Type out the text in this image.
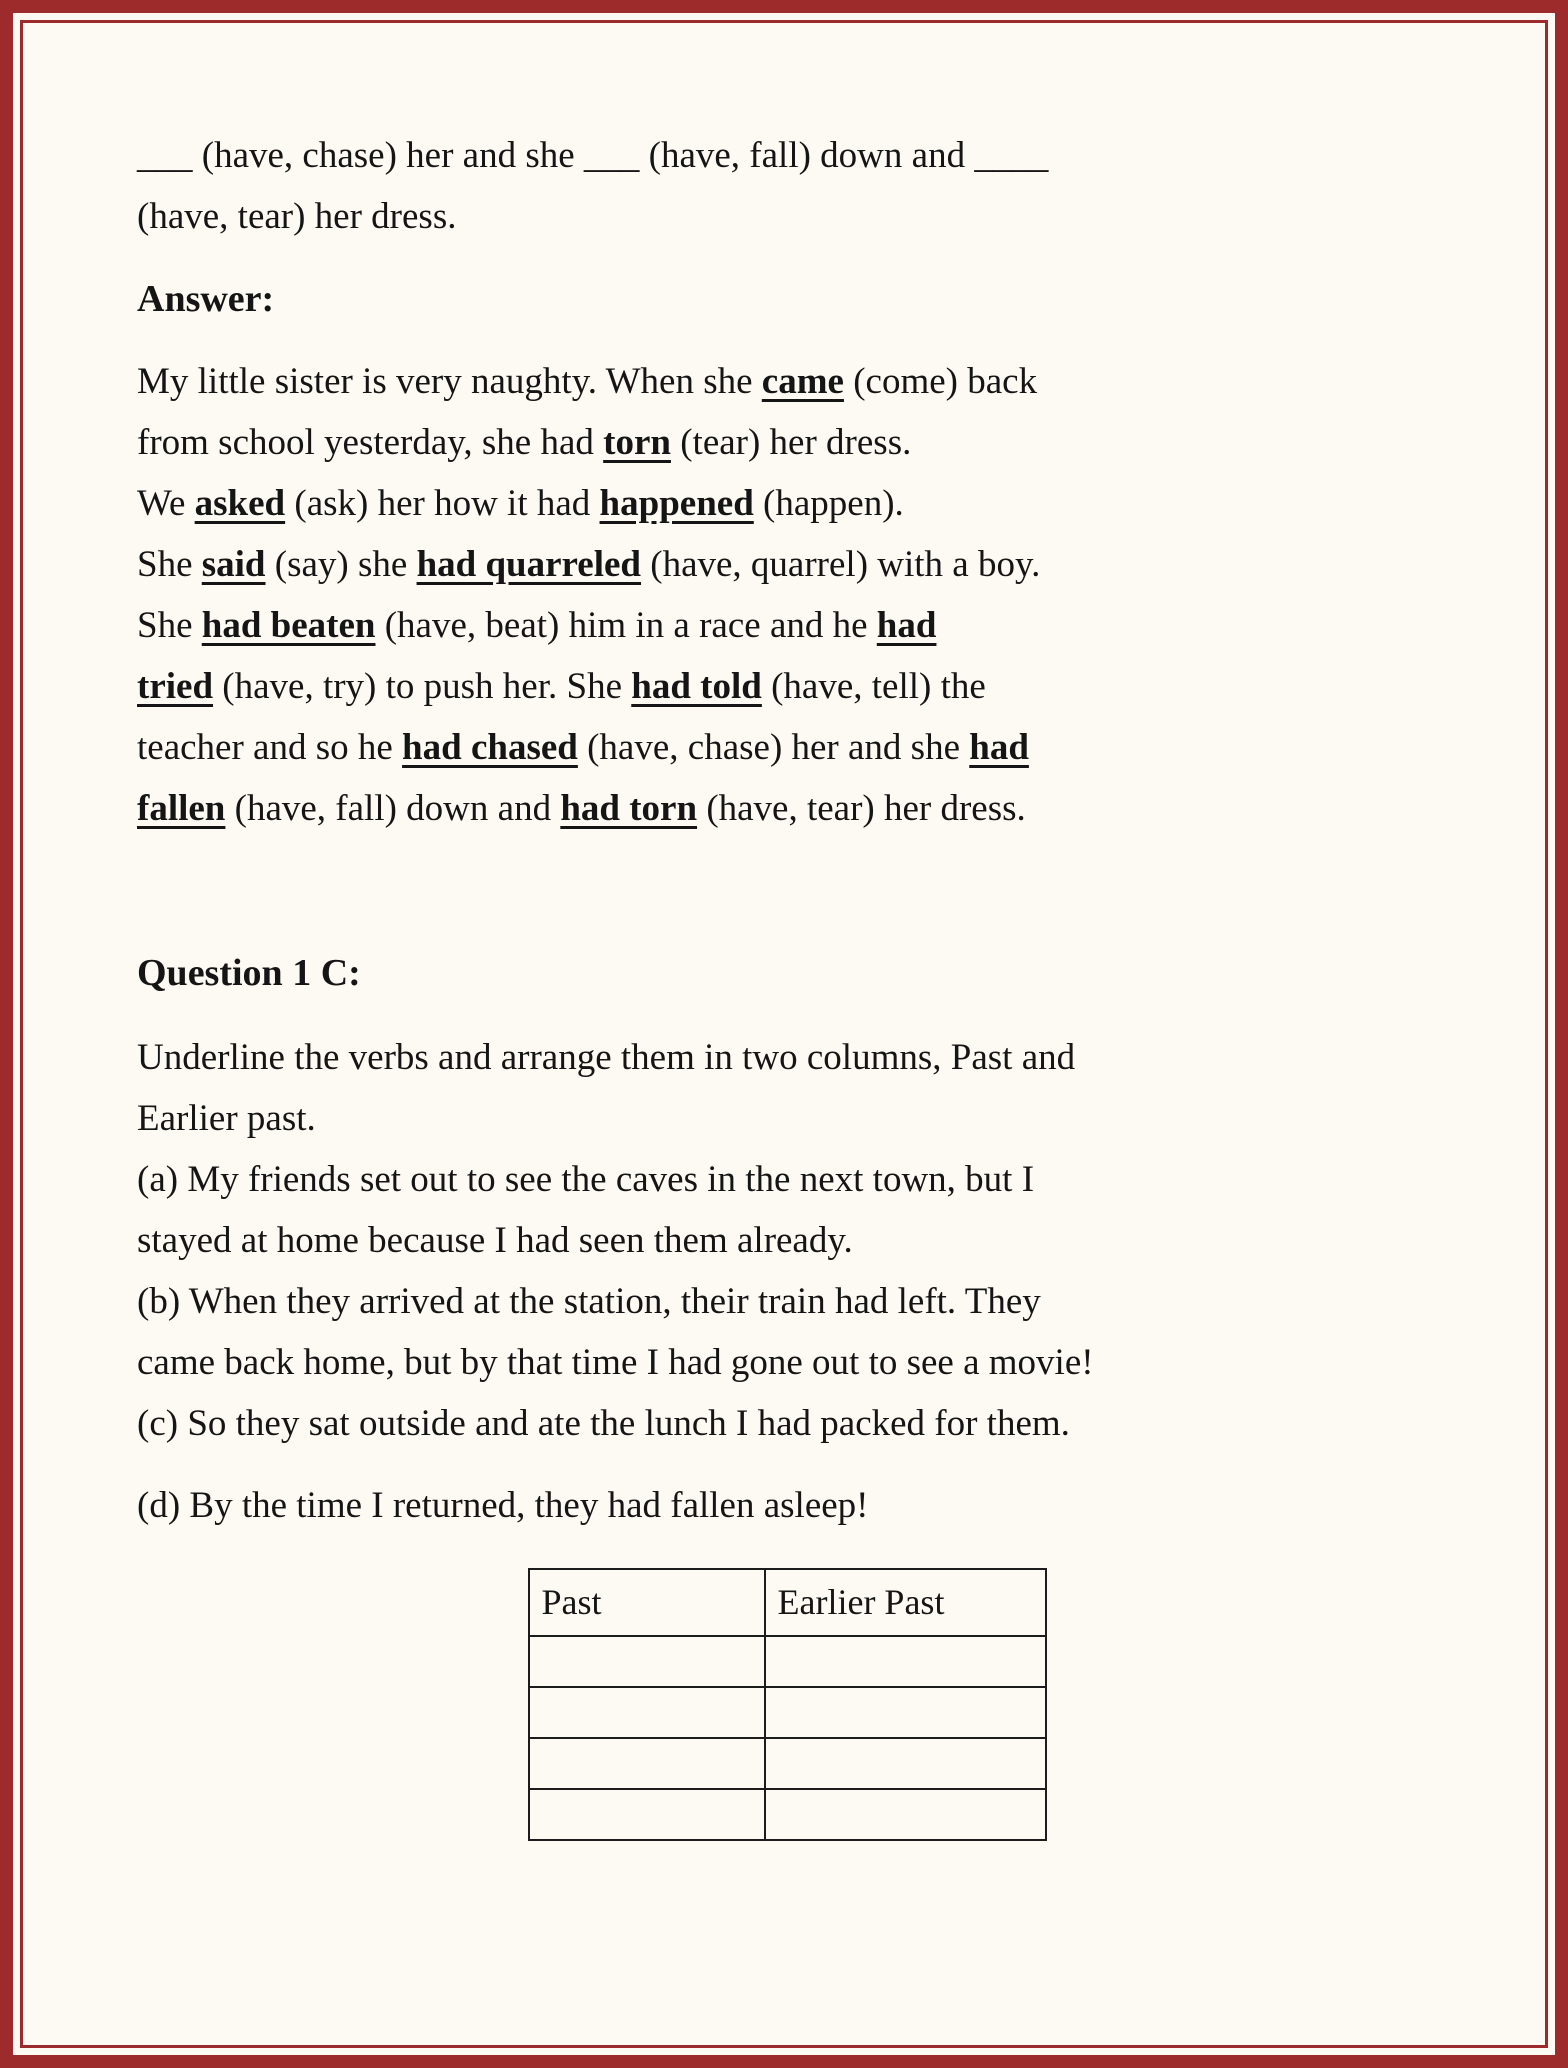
___ (have, chase) her and she ___ (have, fall) down and ____
(have, tear) her dress.
Answer:
My little sister is very naughty. When she came (come) back
from school yesterday, she had torn (tear) her dress.
We asked (ask) her how it had happened (happen).
She said (say) she had quarreled (have, quarrel) with a boy.
She had beaten (have, beat) him in a race and he had
tried (have, try) to push her. She had told (have, tell) the
teacher and so he had chased (have, chase) her and she had
fallen (have, fall) down and had torn (have, tear) her dress.
Question 1 C:
Underline the verbs and arrange them in two columns, Past and
Earlier past.
(a) My friends set out to see the caves in the next town, but I
stayed at home because I had seen them already.
(b) When they arrived at the station, their train had left. They
came back home, but by that time I had gone out to see a movie!
(c) So they sat outside and ate the lunch I had packed for them.
(d) By the time I returned, they had fallen asleep!
Past	Earlier Past
